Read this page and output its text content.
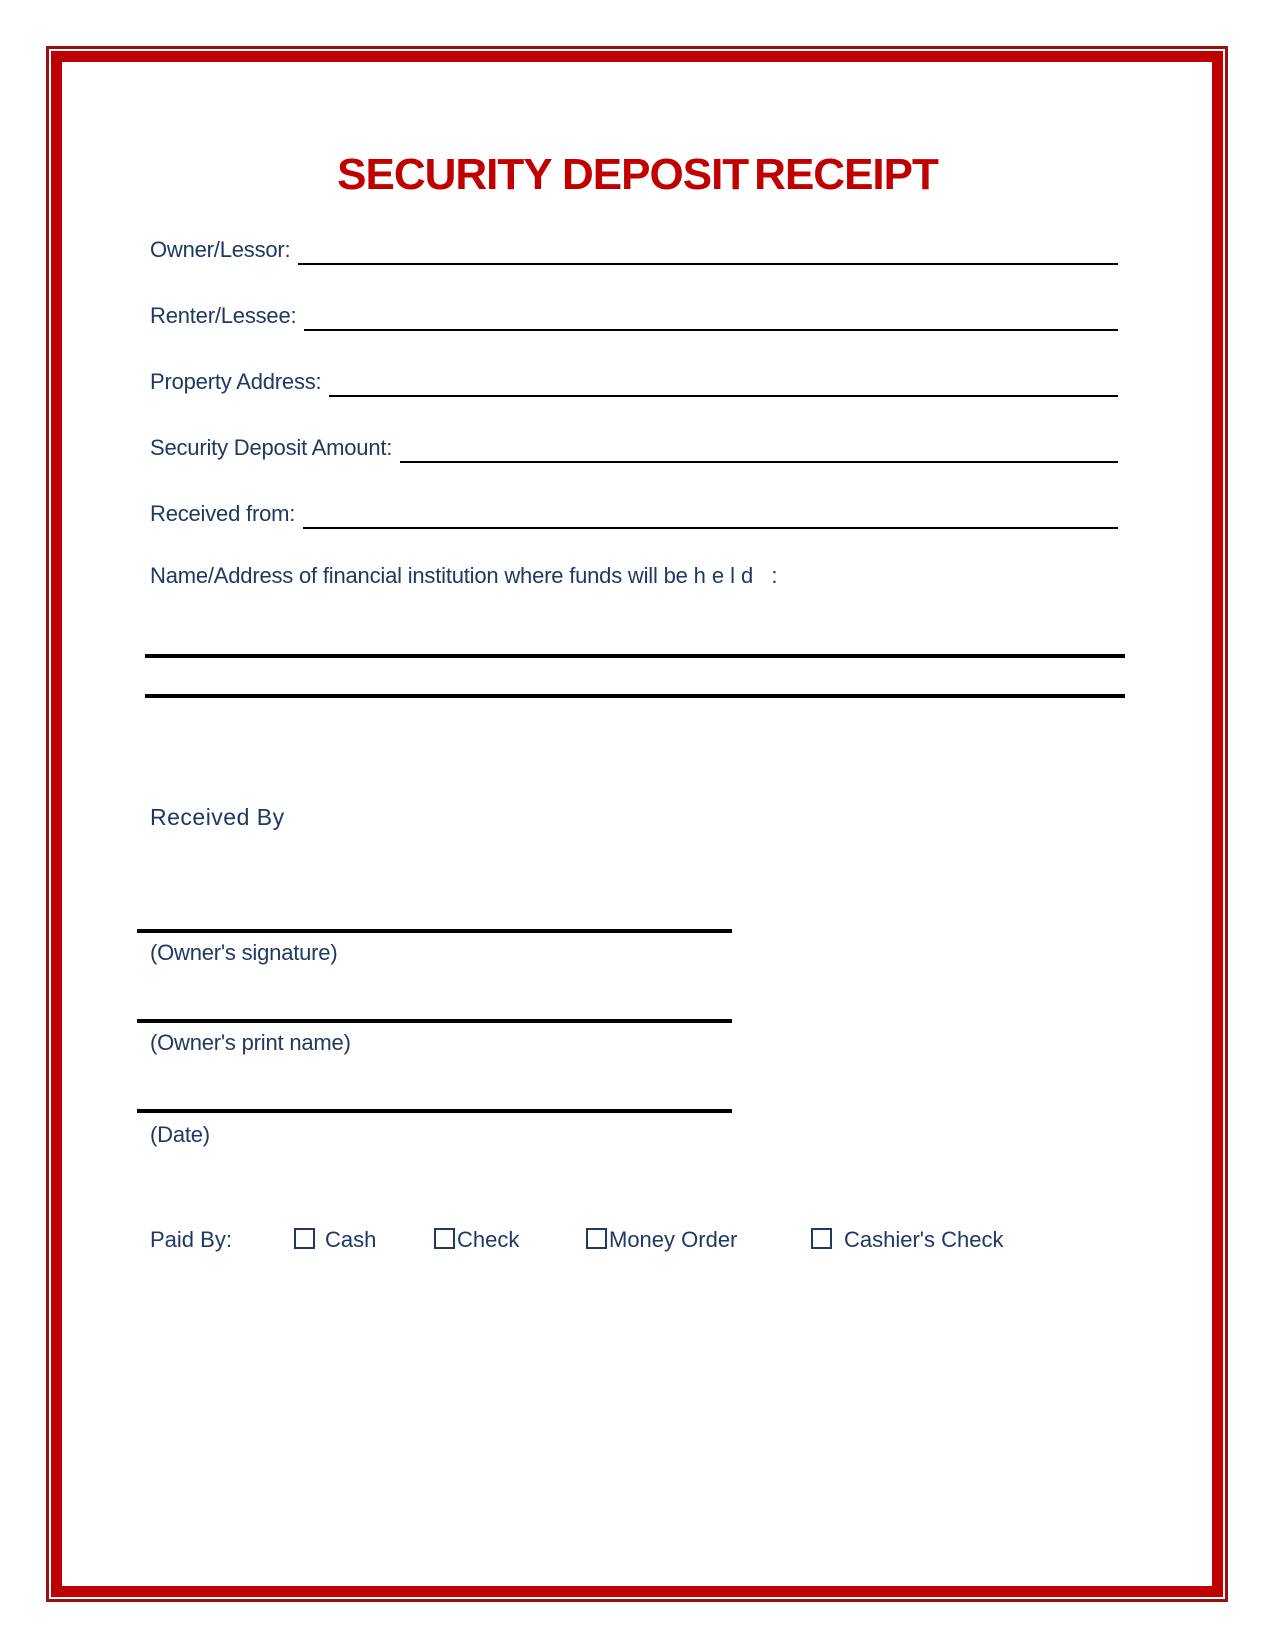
SECURITY DEPOSIT RECEIPT
Owner/Lessor:
Renter/Lessee:
Property Address:
Security Deposit Amount:
Received from:
Name/Address of financial institution where funds will be held :
Received By
(Owner's signature)
(Owner's print name)
(Date)
Paid By:	Cash	Check	Money Order	Cashier's Check
